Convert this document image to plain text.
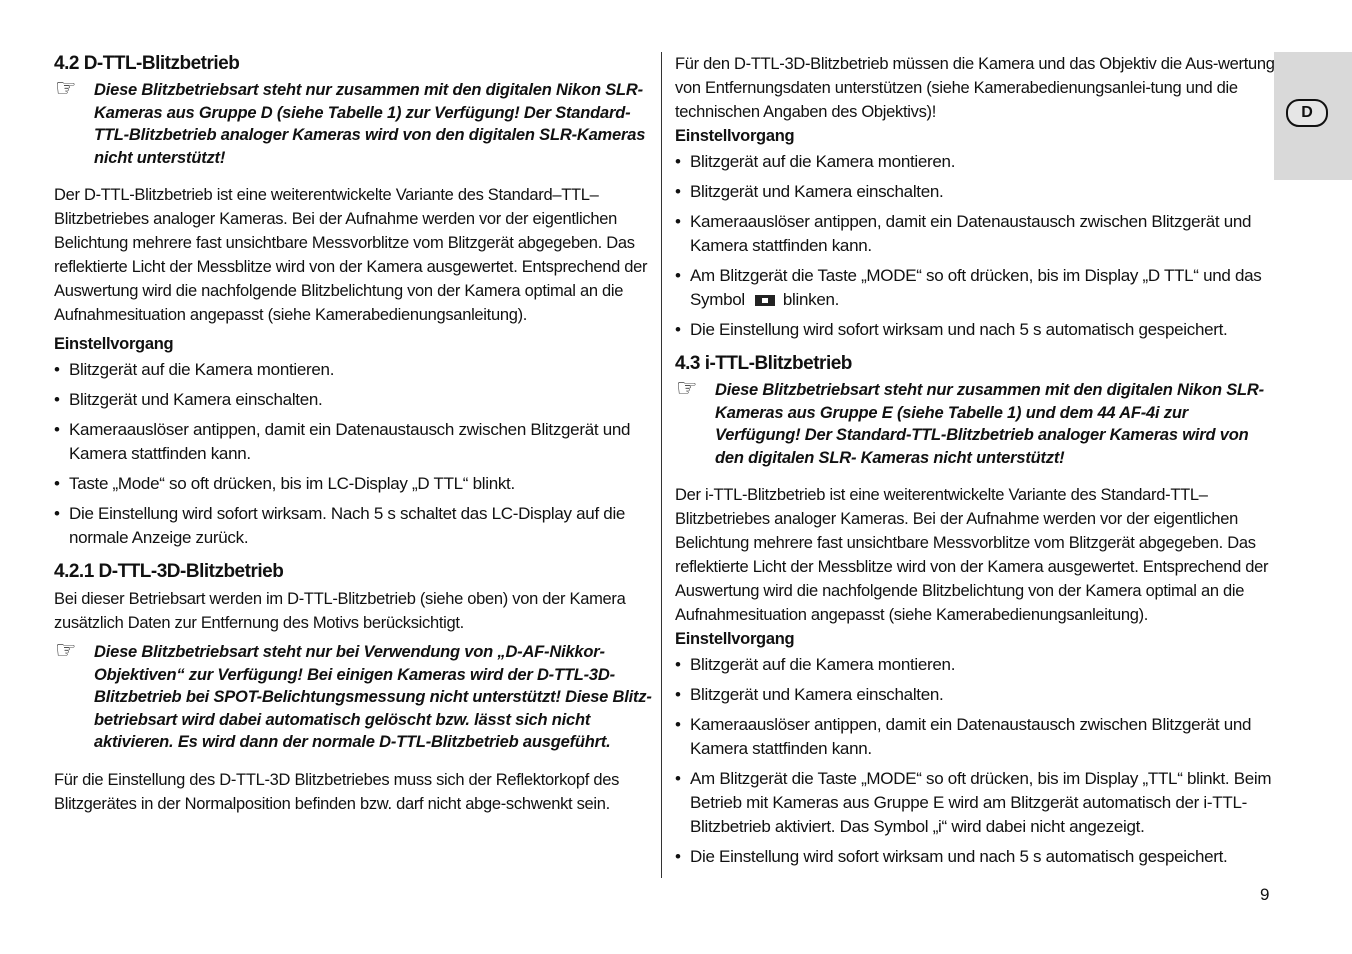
D
4.2 D-TTL-Blitzbetrieb
☞ Diese Blitzbetriebsart steht nur zusammen mit den digitalen Nikon SLR-Kameras aus Gruppe D (siehe Tabelle 1) zur Verfügung! Der Standard-TTL-Blitzbetrieb analoger Kameras wird von den digitalen SLR-Kameras nicht unterstützt!
Der D-TTL-Blitzbetrieb ist eine weiterentwickelte Variante des Standard–TTL–Blitzbetriebes analoger Kameras. Bei der Aufnahme werden vor der eigentlichen Belichtung mehrere fast unsichtbare Messvorblitze vom Blitzgerät abgegeben. Das reflektierte Licht der Messblitze wird von der Kamera ausgewertet. Entsprechend der Auswertung wird die nachfolgende Blitzbelichtung von der Kamera optimal an die Aufnahmesituation angepasst (siehe Kamerabedienungsanleitung).
Einstellvorgang
• Blitzgerät auf die Kamera montieren.
• Blitzgerät und Kamera einschalten.
• Kameraauslöser antippen, damit ein Datenaustausch zwischen Blitzgerät und Kamera stattfinden kann.
• Taste „Mode“ so oft drücken, bis im LC-Display „D TTL“ blinkt.
• Die Einstellung wird sofort wirksam. Nach 5 s schaltet das LC-Display auf die normale Anzeige zurück.
4.2.1 D-TTL-3D-Blitzbetrieb
Bei dieser Betriebsart werden im D-TTL-Blitzbetrieb (siehe oben) von der Kamera zusätzlich Daten zur Entfernung des Motivs berücksichtigt.
☞ Diese Blitzbetriebsart steht nur bei Verwendung von „D-AF-Nikkor-Objektiven“ zur Verfügung! Bei einigen Kameras wird der D-TTL-3D-Blitzbetrieb bei SPOT-Belichtungsmessung nicht unterstützt! Diese Blitz-betriebsart wird dabei automatisch gelöscht bzw. lässt sich nicht aktivieren. Es wird dann der normale D-TTL-Blitzbetrieb ausgeführt.
Für die Einstellung des D-TTL-3D Blitzbetriebes muss sich der Reflektorkopf des Blitzgerätes in der Normalposition befinden bzw. darf nicht abge-schwenkt sein.
Für den D-TTL-3D-Blitzbetrieb müssen die Kamera und das Objektiv die Aus-wertung von Entfernungsdaten unterstützen (siehe Kamerabedienungsanlei-tung und die technischen Angaben des Objektivs)!
Einstellvorgang
• Blitzgerät auf die Kamera montieren.
• Blitzgerät und Kamera einschalten.
• Kameraauslöser antippen, damit ein Datenaustausch zwischen Blitzgerät und Kamera stattfinden kann.
• Am Blitzgerät die Taste „MODE“ so oft drücken, bis im Display „D TTL“ und das Symbol blinken.
• Die Einstellung wird sofort wirksam und nach 5 s automatisch gespeichert.
4.3 i-TTL-Blitzbetrieb
☞ Diese Blitzbetriebsart steht nur zusammen mit den digitalen Nikon SLR-Kameras aus Gruppe E (siehe Tabelle 1) und dem 44 AF-4i zur Verfügung! Der Standard-TTL-Blitzbetrieb analoger Kameras wird von den digitalen SLR- Kameras nicht unterstützt!
Der i-TTL-Blitzbetrieb ist eine weiterentwickelte Variante des Standard-TTL–Blitzbetriebes analoger Kameras. Bei der Aufnahme werden vor der eigentlichen Belichtung mehrere fast unsichtbare Messvorblitze vom Blitzgerät abgegeben. Das reflektierte Licht der Messblitze wird von der Kamera ausgewertet. Entsprechend der Auswertung wird die nachfolgende Blitzbelichtung von der Kamera optimal an die Aufnahmesituation angepasst (siehe Kamerabedienungsanleitung).
Einstellvorgang
• Blitzgerät auf die Kamera montieren.
• Blitzgerät und Kamera einschalten.
• Kameraauslöser antippen, damit ein Datenaustausch zwischen Blitzgerät und Kamera stattfinden kann.
• Am Blitzgerät die Taste „MODE“ so oft drücken, bis im Display „TTL“ blinkt. Beim Betrieb mit Kameras aus Gruppe E wird am Blitzgerät automatisch der i-TTL-Blitzbetrieb aktiviert. Das Symbol „i“ wird dabei nicht angezeigt.
• Die Einstellung wird sofort wirksam und nach 5 s automatisch gespeichert.
9
